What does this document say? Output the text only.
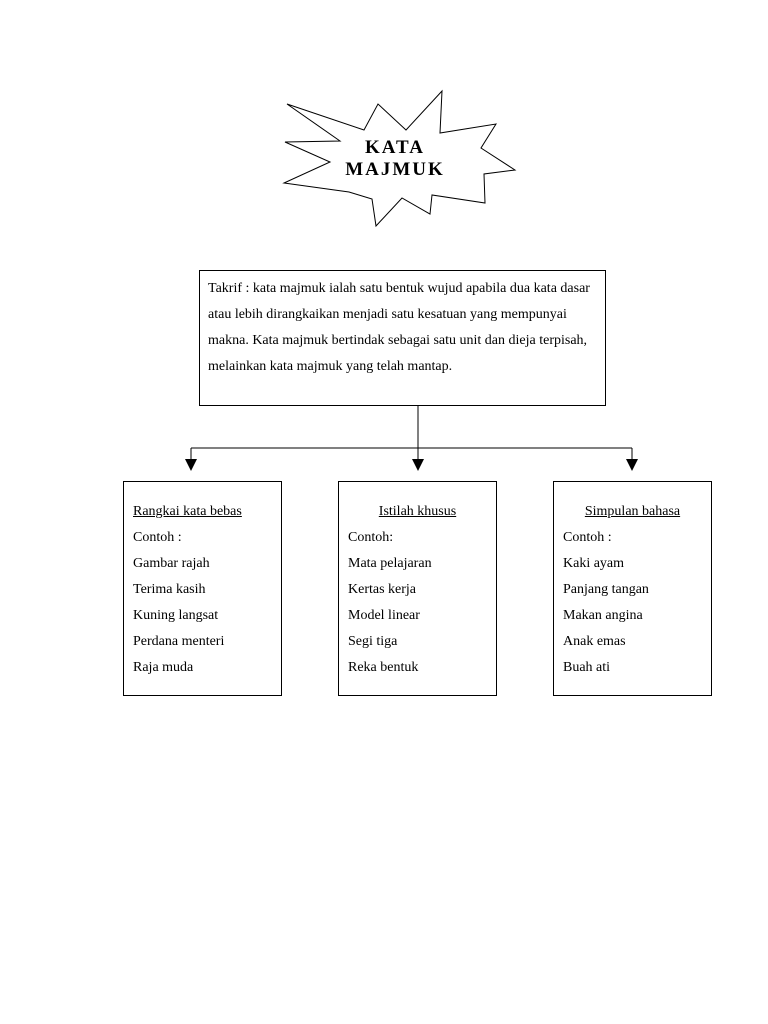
KATA
MAJMUK
Takrif : kata majmuk ialah satu bentuk wujud apabila dua kata dasar atau lebih dirangkaikan menjadi satu kesatuan yang mempunyai makna. Kata majmuk bertindak sebagai satu unit dan dieja terpisah, melainkan kata majmuk yang telah mantap.
Rangkai kata bebas
Contoh :
Gambar rajah
Terima kasih
Kuning langsat
Perdana menteri
Raja muda
Istilah khusus
Contoh:
Mata pelajaran
Kertas kerja
Model linear
Segi tiga
Reka bentuk
Simpulan bahasa
Contoh :
Kaki ayam
Panjang tangan
Makan angina
Anak emas
Buah ati
